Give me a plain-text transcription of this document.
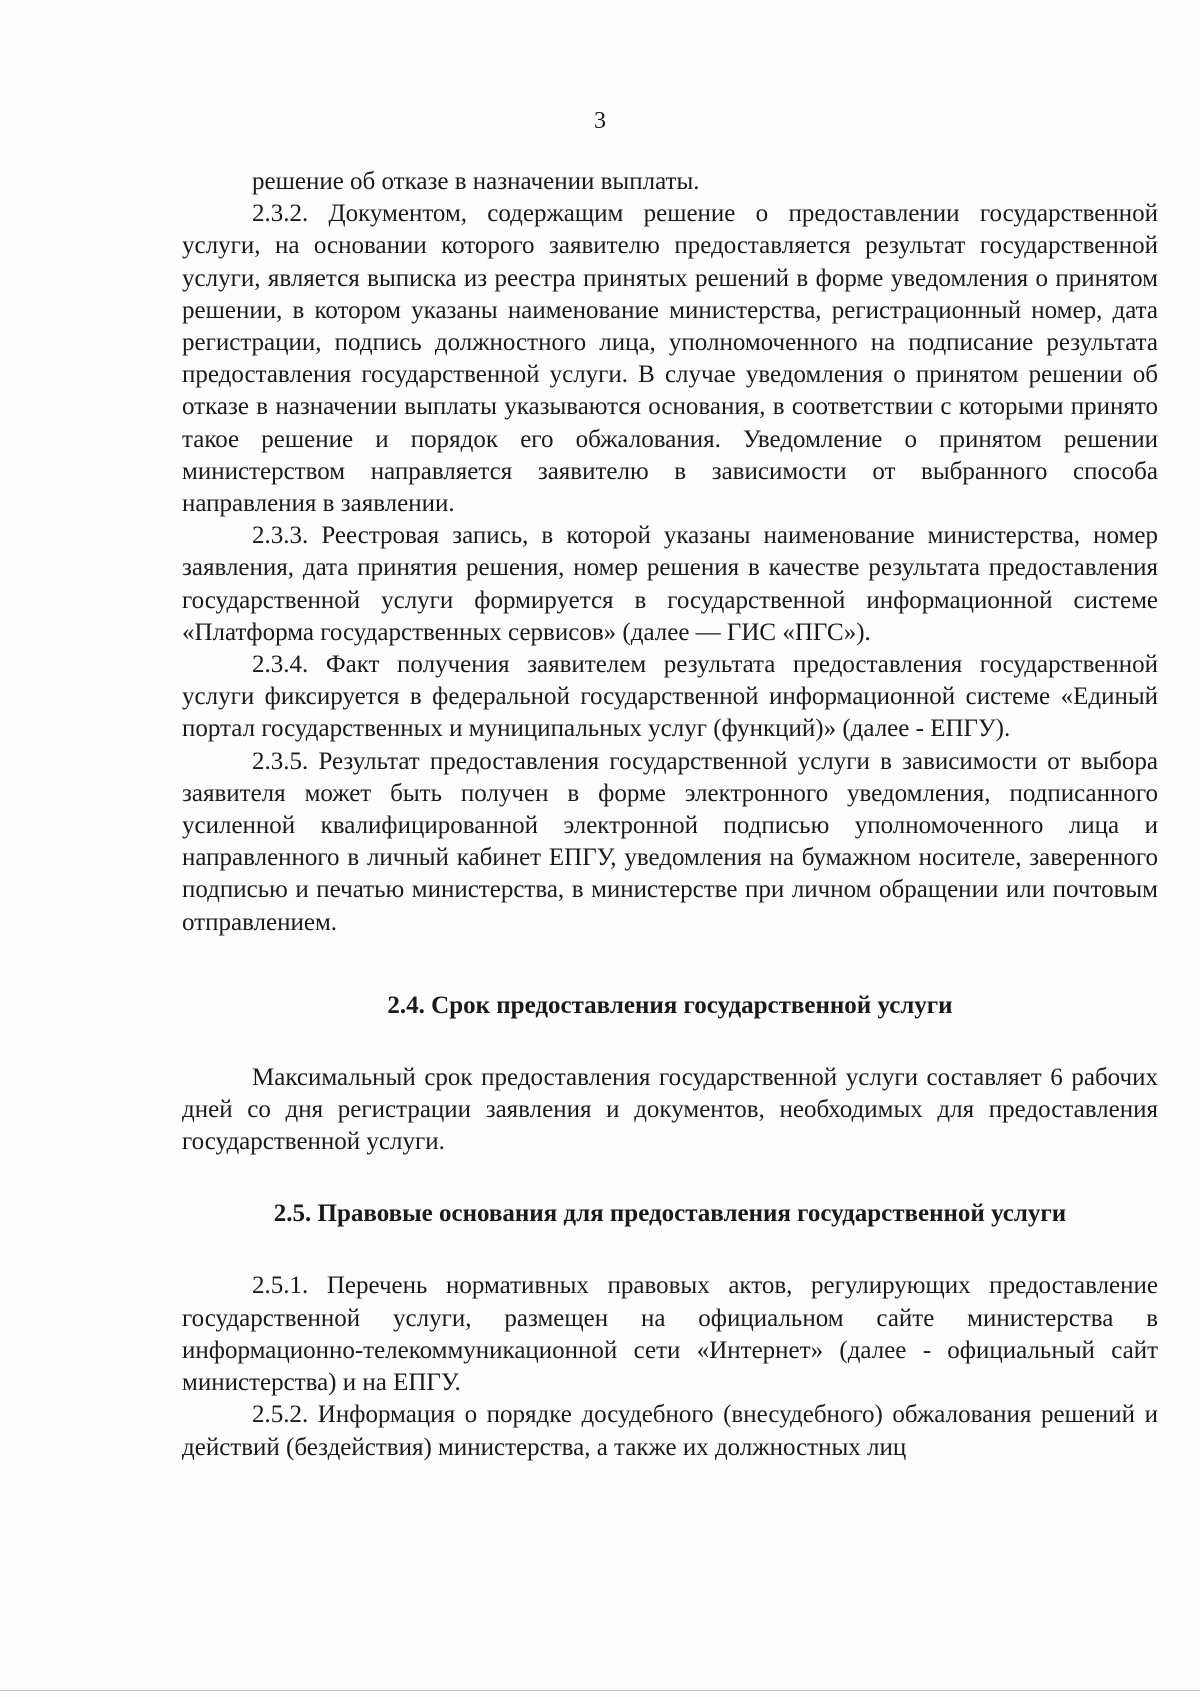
3

решение об отказе в назначении выплаты.

2.3.2. Документом, содержащим решение о предоставлении государственной услуги, на основании которого заявителю предоставляется результат государственной услуги, является выписка из реестра принятых решений в форме уведомления о принятом решении, в котором указаны наименование министерства, регистрационный номер, дата регистрации, подпись должностного лица, уполномоченного на подписание результата предоставления государственной услуги. В случае уведомления о принятом решении об отказе в назначении выплаты указываются основания, в соответствии с которыми принято такое решение и порядок его обжалования. Уведомление о принятом решении министерством направляется заявителю в зависимости от выбранного способа направления в заявлении.

2.3.3. Реестровая запись, в которой указаны наименование министерства, номер заявления, дата принятия решения, номер решения в качестве результата предоставления государственной услуги формируется в государственной информационной системе «Платформа государственных сервисов» (далее — ГИС «ПГС»).

2.3.4. Факт получения заявителем результата предоставления государственной услуги фиксируется в федеральной государственной информационной системе «Единый портал государственных и муниципальных услуг (функций)» (далее - ЕПГУ).

2.3.5. Результат предоставления государственной услуги в зависимости от выбора заявителя может быть получен в форме электронного уведомления, подписанного усиленной квалифицированной электронной подписью уполномоченного лица и направленного в личный кабинет ЕПГУ, уведомления на бумажном носителе, заверенного подписью и печатью министерства, в министерстве при личном обращении или почтовым отправлением.

2.4. Срок предоставления государственной услуги

Максимальный срок предоставления государственной услуги составляет 6 рабочих дней со дня регистрации заявления и документов, необходимых для предоставления государственной услуги.

2.5. Правовые основания для предоставления государственной услуги

2.5.1. Перечень нормативных правовых актов, регулирующих предоставление государственной услуги, размещен на официальном сайте министерства в информационно-телекоммуникационной сети «Интернет» (далее - официальный сайт министерства) и на ЕПГУ.

2.5.2. Информация о порядке досудебного (внесудебного) обжалования решений и действий (бездействия) министерства, а также их должностных лиц
